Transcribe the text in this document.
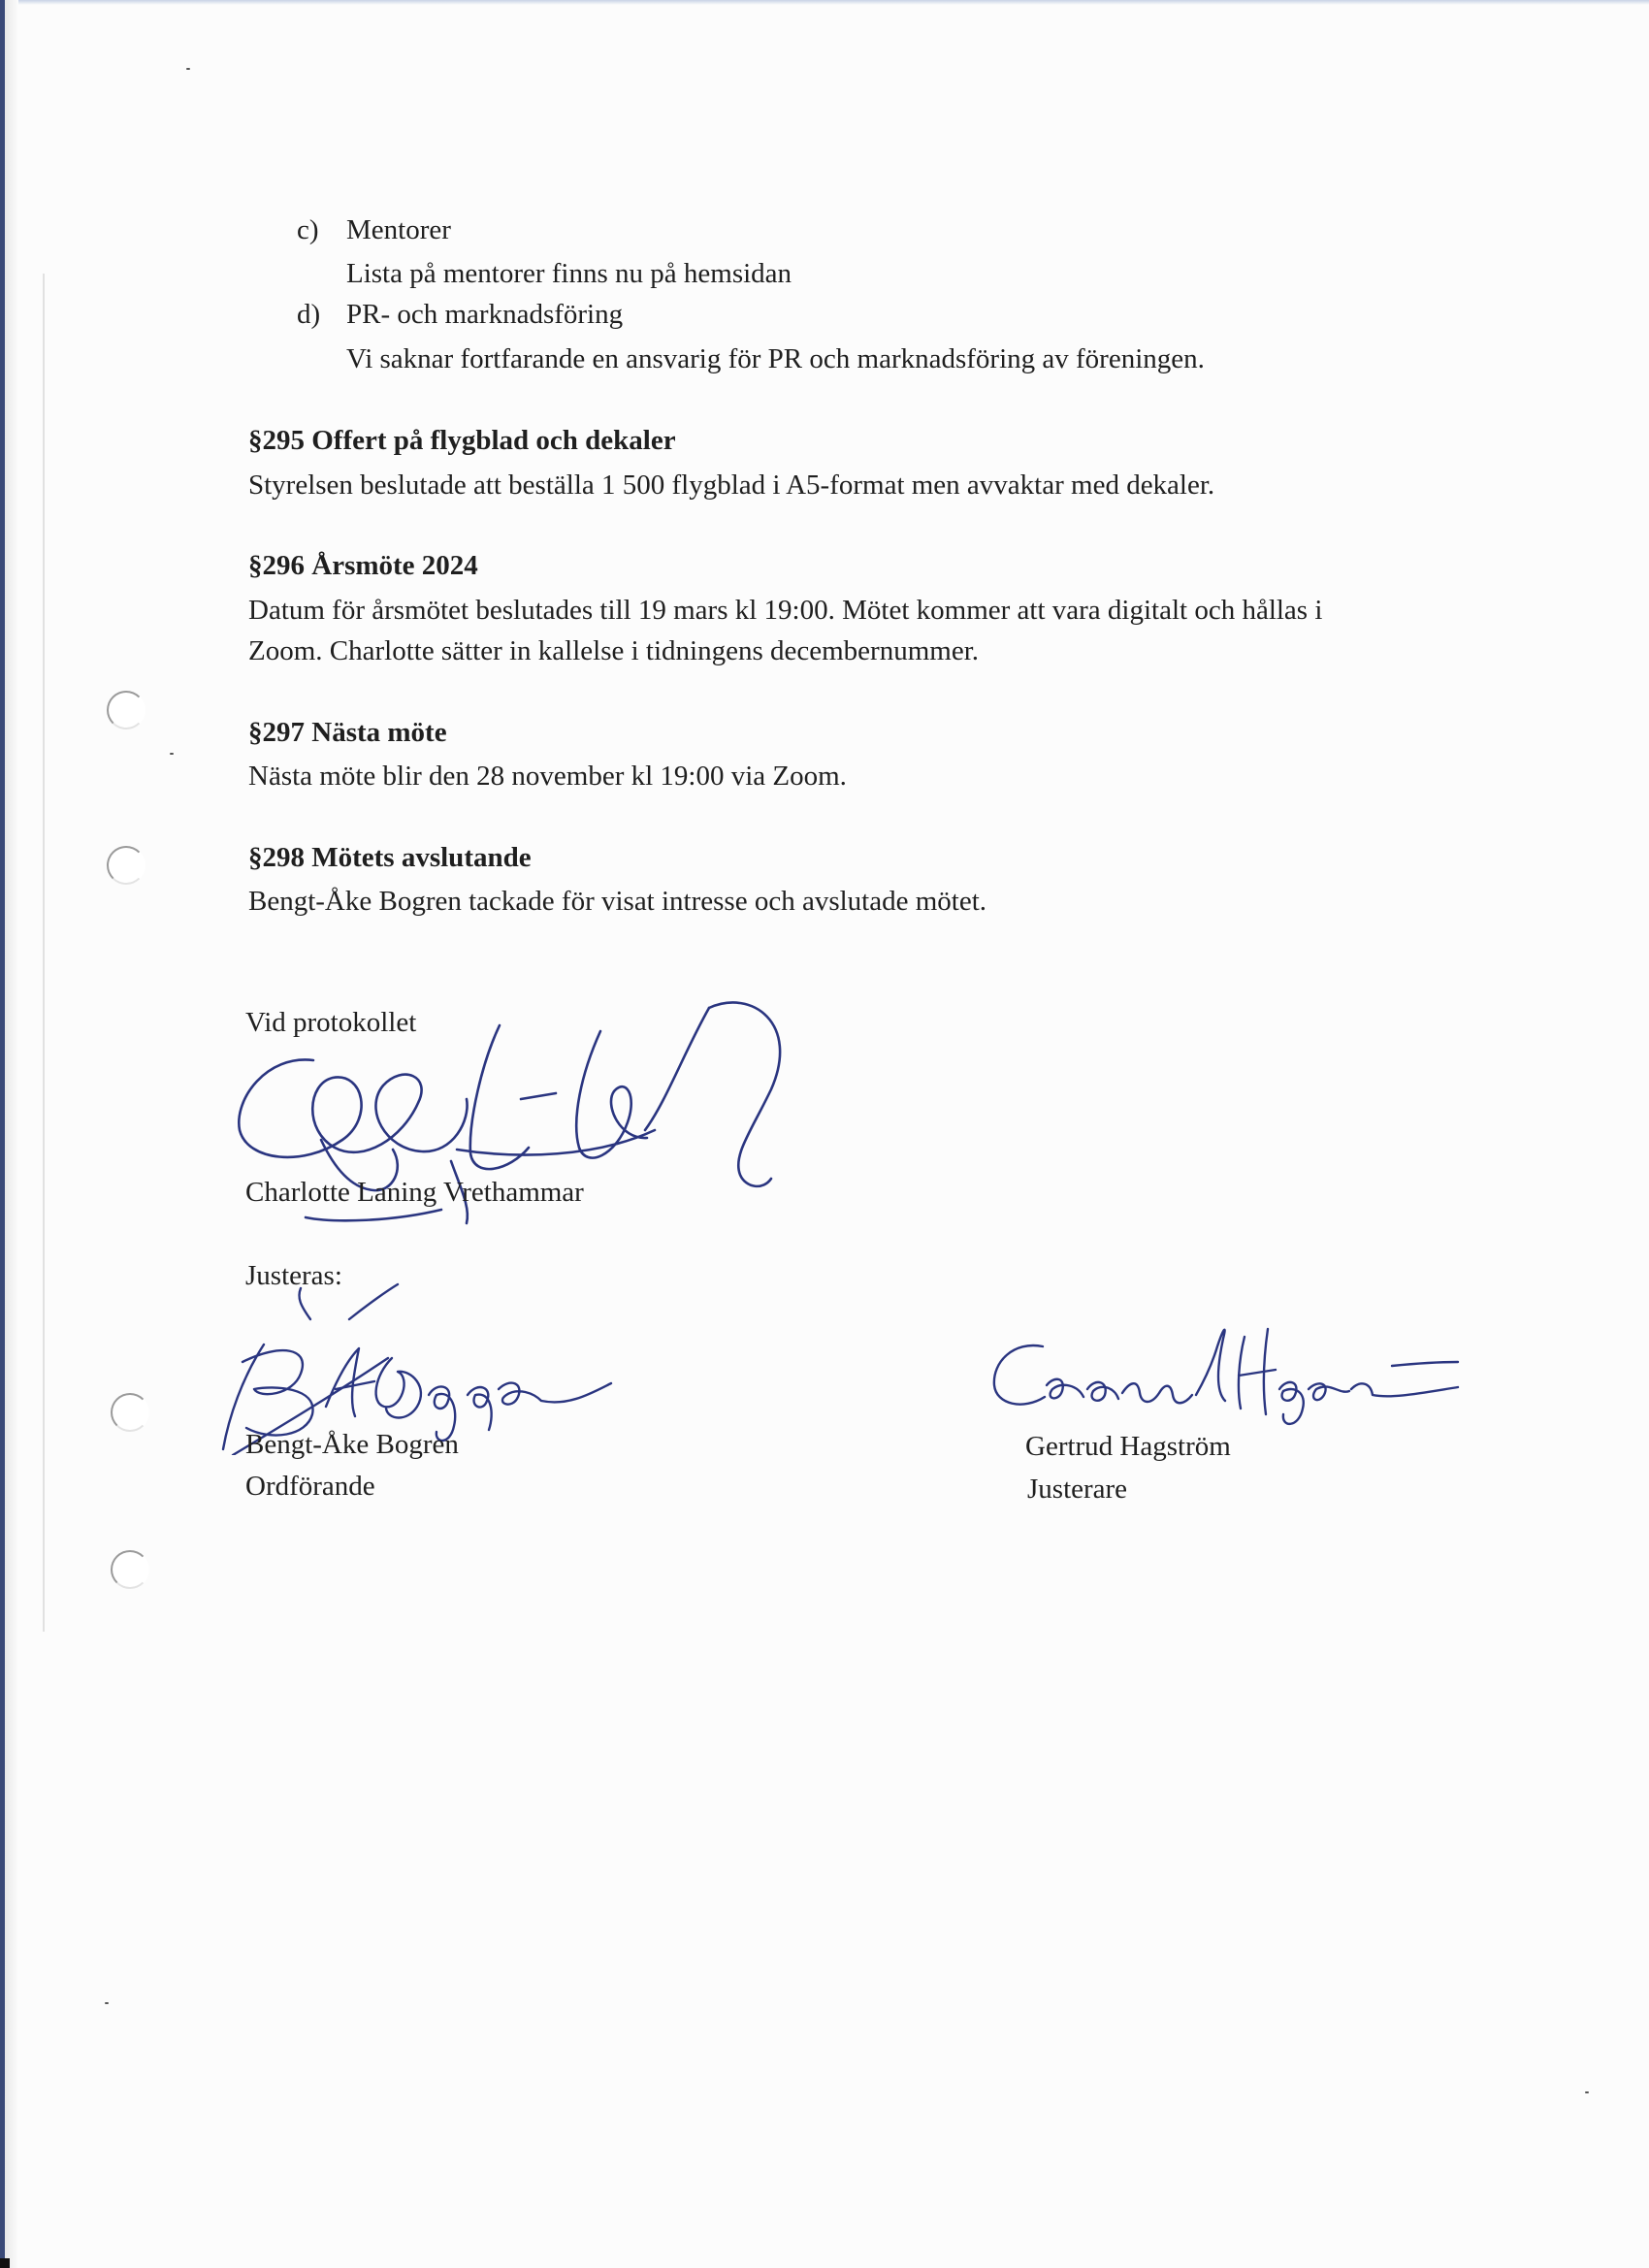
c) Mentorer
Lista på mentorer finns nu på hemsidan
d) PR- och marknadsföring
Vi saknar fortfarande en ansvarig för PR och marknadsföring av föreningen.
§295 Offert på flygblad och dekaler
Styrelsen beslutade att beställa 1 500 flygblad i A5-format men avvaktar med dekaler.
§296 Årsmöte 2024
Datum för årsmötet beslutades till 19 mars kl 19:00. Mötet kommer att vara digitalt och hållas i
Zoom. Charlotte sätter in kallelse i tidningens decembernummer.
§297 Nästa möte
Nästa möte blir den 28 november kl 19:00 via Zoom.
§298 Mötets avslutande
Bengt-Åke Bogren tackade för visat intresse och avslutade mötet.
Vid protokollet
Charlotte Laning Vrethammar
Justeras:
Bengt-Åke Bogren
Ordförande
Gertrud Hagström
Justerare
